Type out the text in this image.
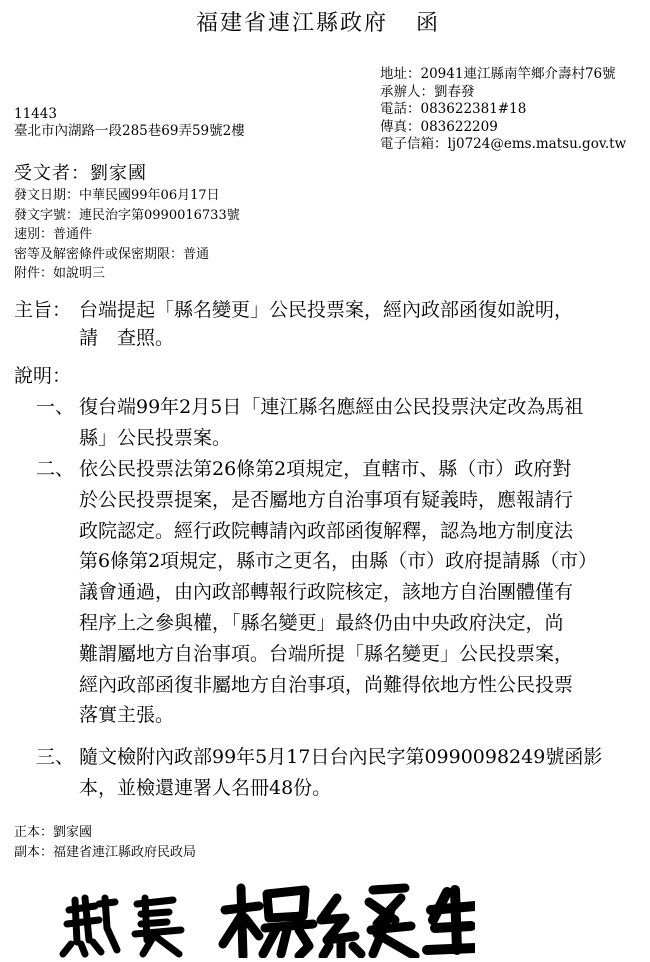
福建省連江縣政府 函
地址：20941連江縣南竿鄉介壽村76號
承辦人：劉春發
電話：083622381#18
傳真：083622209
電子信箱：lj0724@ems.matsu.gov.tw
11443
臺北市內湖路一段285巷69弄59號2樓
受文者：劉家國
發文日期：中華民國99年06月17日
發文字號：連民治字第0990016733號
速別：普通件
密等及解密條件或保密期限：普通
附件：如說明三
主旨： 台端提起「縣名變更」公民投票案，經內政部函復如說明，
請　查照。
說明：
一、 復台端99年2月5日「連江縣名應經由公民投票決定改為馬祖
縣」公民投票案。
二、 依公民投票法第26條第2項規定，直轄市、縣（市）政府對
於公民投票提案，是否屬地方自治事項有疑義時，應報請行
政院認定。經行政院轉請內政部函復解釋，認為地方制度法
第6條第2項規定，縣市之更名，由縣（市）政府提請縣（市）
議會通過，由內政部轉報行政院核定，該地方自治團體僅有
程序上之參與權，「縣名變更」最終仍由中央政府決定，尚
難謂屬地方自治事項。台端所提「縣名變更」公民投票案，
經內政部函復非屬地方自治事項，尚難得依地方性公民投票
落實主張。
三、 隨文檢附內政部99年5月17日台內民字第0990098249號函影
本，並檢還連署人名冊48份。
正本：劉家國
副本：福建省連江縣政府民政局
